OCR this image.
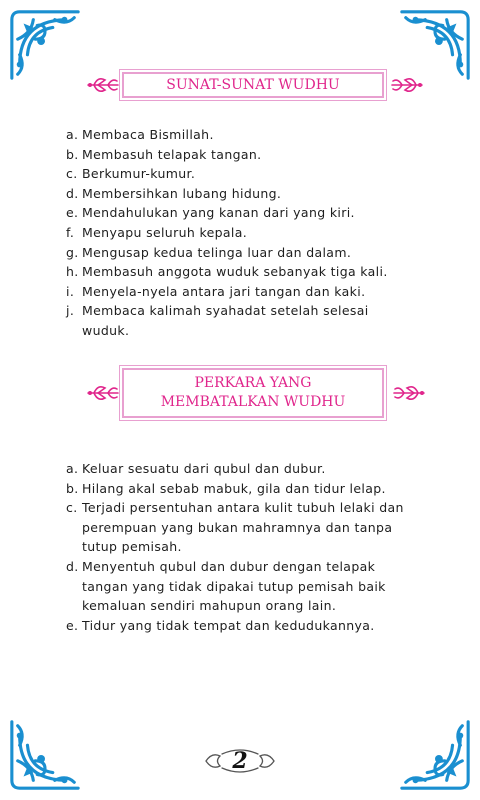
SUNAT-SUNAT WUDHU
a. Membaca Bismillah.
b. Membasuh telapak tangan.
c. Berkumur-kumur.
d. Membersihkan lubang hidung.
e. Mendahulukan yang kanan dari yang kiri.
f. Menyapu seluruh kepala.
g. Mengusap kedua telinga luar dan dalam.
h. Membasuh anggota wuduk sebanyak tiga kali.
i. Menyela-nyela antara jari tangan dan kaki.
j. Membaca kalimah syahadat setelah selesai wuduk.
PERKARA YANG
MEMBATALKAN WUDHU
a. Keluar sesuatu dari qubul dan dubur.
b. Hilang akal sebab mabuk, gila dan tidur lelap.
c. Terjadi persentuhan antara kulit tubuh lelaki dan perempuan yang bukan mahramnya dan tanpa tutup pemisah.
d. Menyentuh qubul dan dubur dengan telapak tangan yang tidak dipakai tutup pemisah baik kemaluan sendiri mahupun orang lain.
e. Tidur yang tidak tempat dan kedudukannya.
2
